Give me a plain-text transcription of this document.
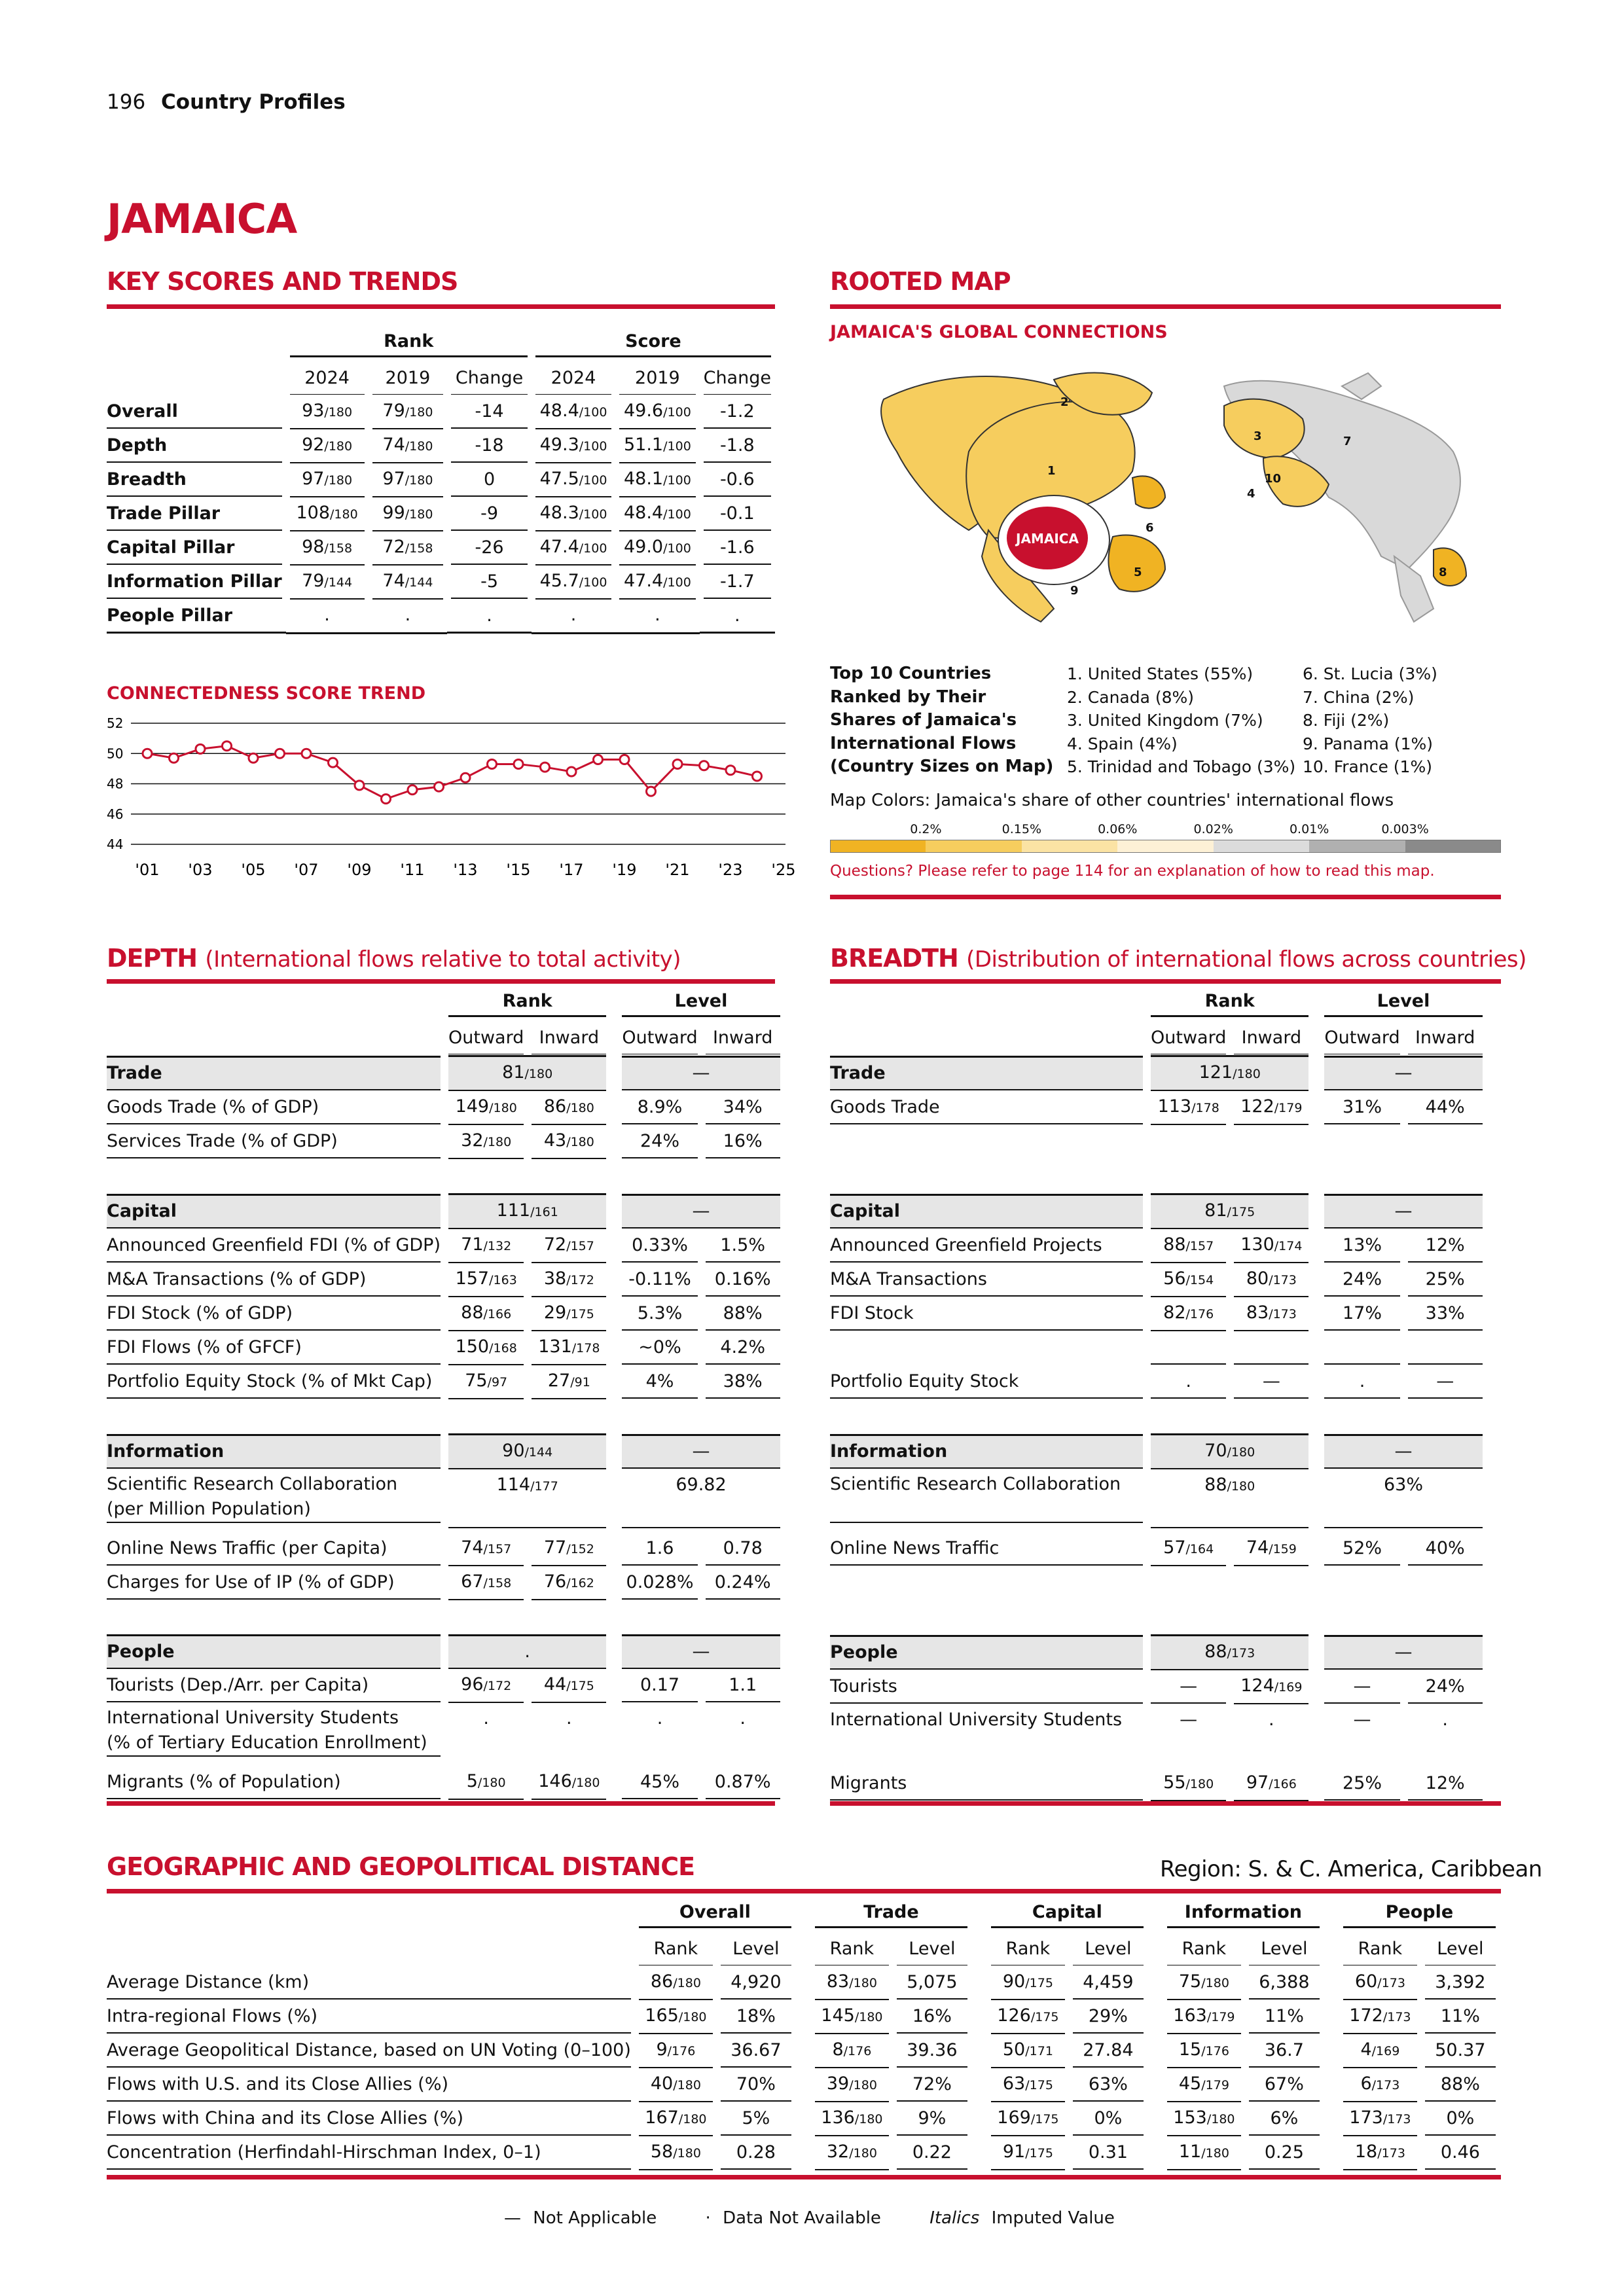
196 Country Profiles
JAMAICA
KEY SCORES AND TRENDS

	Rank			Score		

	2024	2019	Change	2024	2019	Change

Overall	93/180	79/180	-14	48.4/100	49.6/100	-1.2

Depth	92/180	74/180	-18	49.3/100	51.1/100	-1.8

Breadth	97/180	97/180	0	47.5/100	48.1/100	-0.6

Trade Pillar	108/180	99/180	-9	48.3/100	48.4/100	-0.1

Capital Pillar	98/158	72/158	-26	47.4/100	49.0/100	-1.6

Information Pillar	79/144	74/144	-5	45.7/100	47.4/100	-1.7

People Pillar	.	.	.	.	.	.
CONNECTEDNESS SCORE TREND
44
46
48
50
52
'01 '03 '05 '07 '09 '11 '13 '15 '17 '19 '21 '23 '25
ROOTED MAP
JAMAICA'S GLOBAL CONNECTIONS
JAMAICA
1
2
3
4
5
6
7
8
9
10
Top 10 Countries
Ranked by Their
Shares of Jamaica's
International Flows
(Country Sizes on Map)
1. United States (55%)
2. Canada (8%)
3. United Kingdom (7%)
4. Spain (4%)
5. Trinidad and Tobago (3%)
6. St. Lucia (3%)
7. China (2%)
8. Fiji (2%)
9. Panama (1%)
10. France (1%)
Map Colors: Jamaica's share of other countries' international flows
0.2%	0.15%	0.06%	0.02%	0.01%	0.003%
Questions? Please refer to page 114 for an explanation of how to read this map.
DEPTH (International flows relative to total activity)

	Rank			Level	

	Outward	Inward		Outward	Inward

Trade	81/180			—	

Goods Trade (% of GDP)	149/180	86/180		8.9%	34%

Services Trade (% of GDP)	32/180	43/180		24%	16%

Capital	111/161			—	

Announced Greenfield FDI (% of GDP)	71/132	72/157		0.33%	1.5%

M&A Transactions (% of GDP)	157/163	38/172		-0.11%	0.16%

FDI Stock (% of GDP)	88/166	29/175		5.3%	88%

FDI Flows (% of GFCF)	150/168	131/178		~0%	4.2%

Portfolio Equity Stock (% of Mkt Cap)	75/97	27/91		4%	38%

Information	90/144			—	

Scientific Research Collaboration
(per Million Population)	114/177			69.82	

Online News Traffic (per Capita)	74/157	77/152		1.6	0.78

Charges for Use of IP (% of GDP)	67/158	76/162		0.028%	0.24%

People	.			—	

Tourists (Dep./Arr. per Capita)	96/172	44/175		0.17	1.1

International University Students
(% of Tertiary Education Enrollment)	.	.		.	.

Migrants (% of Population)	5/180	146/180		45%	0.87%
BREADTH (Distribution of international flows across countries)

	Rank			Level	

	Outward	Inward		Outward	Inward

Trade	121/180			—	

Goods Trade	113/178	122/179		31%	44%

Capital	81/175			—	

Announced Greenfield Projects	88/157	130/174		13%	12%

M&A Transactions	56/154	80/173		24%	25%

FDI Stock	82/176	83/173		17%	33%

Portfolio Equity Stock	.	—		.	—

Information	70/180			—	

Scientific Research Collaboration	88/180			63%	

Online News Traffic	57/164	74/159		52%	40%

People	88/173			—	

Tourists	—	124/169		—	24%

International University Students	—	.		—	.

Migrants	55/180	97/166		25%	12%
GEOGRAPHIC AND GEOPOLITICAL DISTANCE	Region: S. & C. America, Caribbean

	Overall			Trade			Capital			Information			People	

	Rank	Level		Rank	Level		Rank	Level		Rank	Level		Rank	Level

Average Distance (km)	86/180	4,920		83/180	5,075		90/175	4,459		75/180	6,388		60/173	3,392

Intra-regional Flows (%)	165/180	18%		145/180	16%		126/175	29%		163/179	11%		172/173	11%

Average Geopolitical Distance, based on UN Voting (0–100)	9/176	36.67		8/176	39.36		50/171	27.84		15/176	36.7		4/169	50.37

Flows with U.S. and its Close Allies (%)	40/180	70%		39/180	72%		63/175	63%		45/179	67%		6/173	88%

Flows with China and its Close Allies (%)	167/180	5%		136/180	9%		169/175	0%		153/180	6%		173/173	0%

Concentration (Herfindahl-Hirschman Index, 0–1)	58/180	0.28		32/180	0.22		91/175	0.31		11/180	0.25		18/173	0.46
— Not Applicable	· Data Not Available	Italics Imputed Value
